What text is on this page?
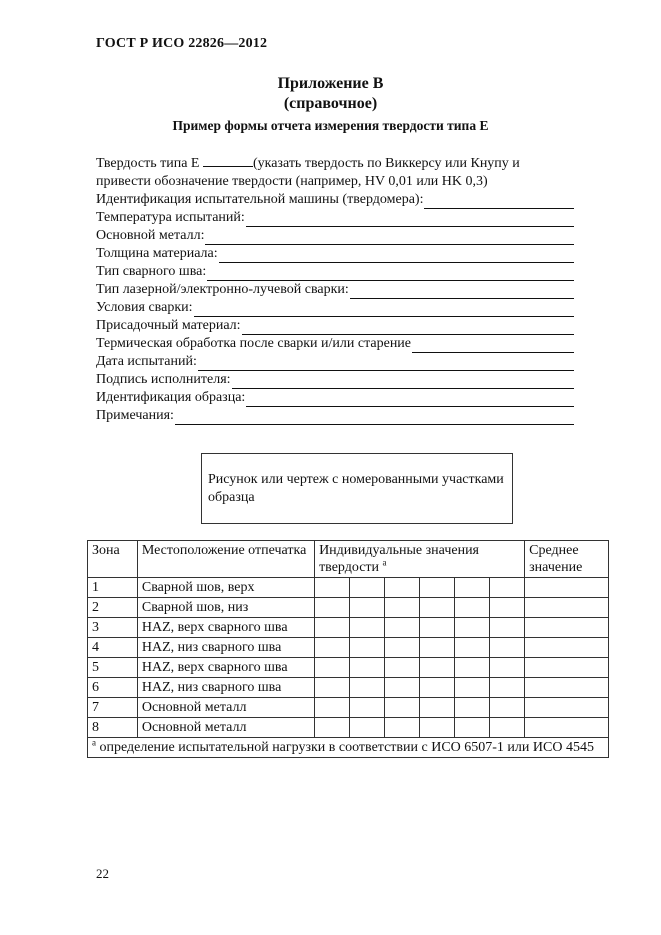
ГОСТ Р ИСО 22826—2012
Приложение В
(справочное)
Пример формы отчета измерения твердости типа Е
Твердость типа Е	(указать твердость по Виккерсу или Кнупу и привести обозначение твердости (например, HV 0,01 или HK 0,3)
Идентификация испытательной машины (твердомера):
Температура испытаний:
Основной металл:
Толщина материала:
Тип сварного шва:
Тип лазерной/электронно-лучевой сварки:
Условия сварки:
Присадочный материал:
Термическая обработка после сварки и/или старение
Дата испытаний:
Подпись исполнителя:
Идентификация образца:
Примечания:
Рисунок или чертеж с номерованными участками образца
Зона	Местоположение отпечатка	Индивидуальные значения твердости $^а$						Среднее значение
1	Сварной шов, верх							
2	Сварной шов, низ							
3	HAZ, верх сварного шва							
4	HAZ, низ сварного шва							
5	HAZ, верх сварного шва							
6	HAZ, низ сварного шва							
7	Основной металл							
8	Основной металл							
$^а$ определение испытательной нагрузки в соответствии с ИСО 6507-1 или ИСО 4545								
22
